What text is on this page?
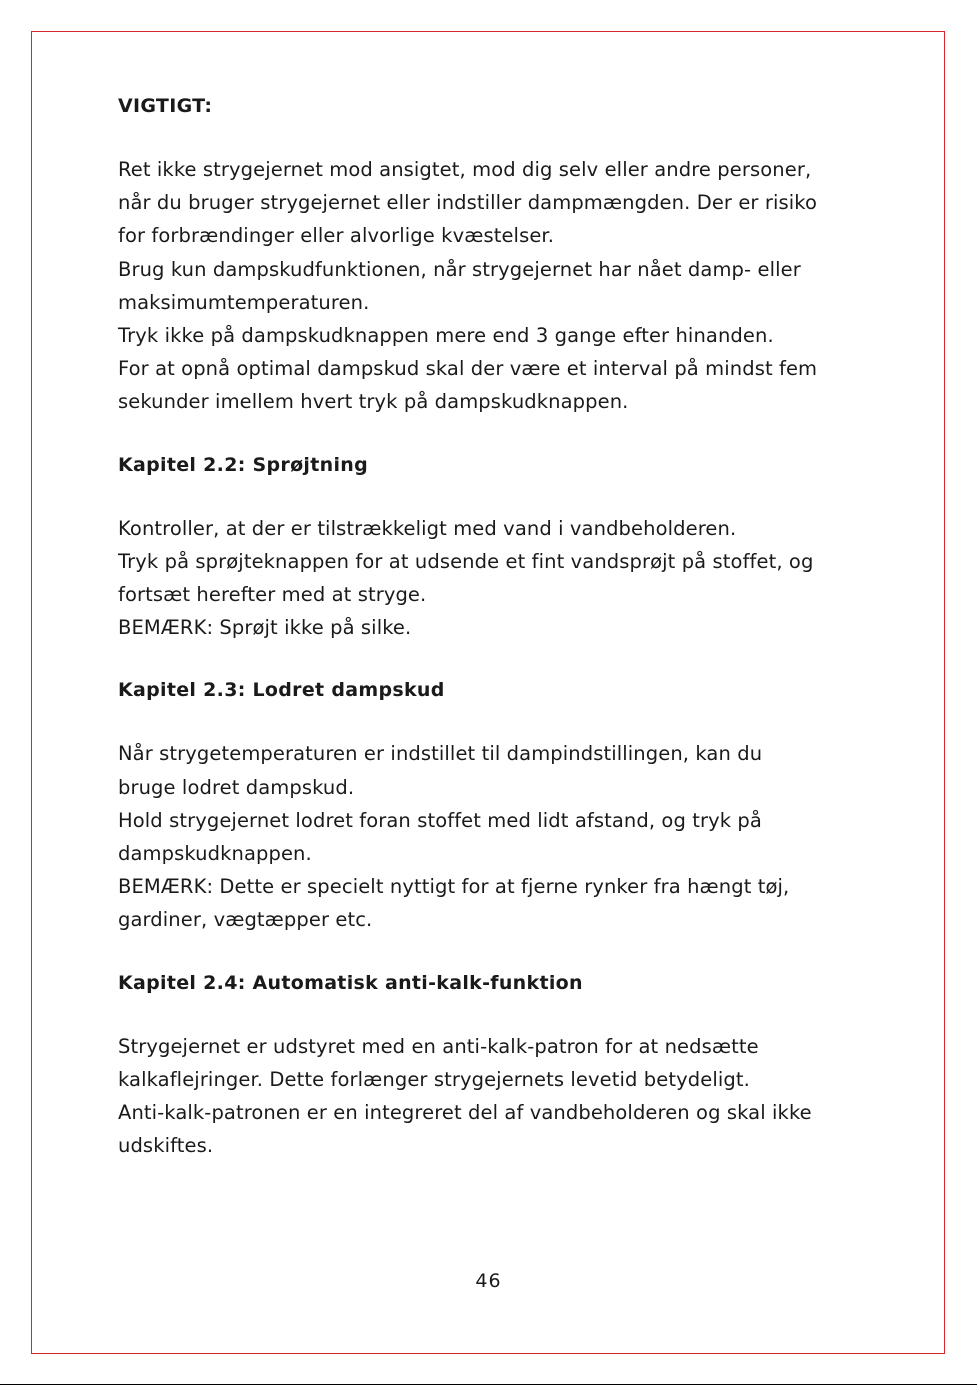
VIGTIGT:

Ret ikke strygejernet mod ansigtet, mod dig selv eller andre personer,

når du bruger strygejernet eller indstiller dampmængden. Der er risiko

for forbrændinger eller alvorlige kvæstelser.

Brug kun dampskudfunktionen, når strygejernet har nået damp- eller

maksimumtemperaturen.

Tryk ikke på dampskudknappen mere end 3 gange efter hinanden.

For at opnå optimal dampskud skal der være et interval på mindst fem

sekunder imellem hvert tryk på dampskudknappen.

Kapitel 2.2: Sprøjtning

Kontroller, at der er tilstrækkeligt med vand i vandbeholderen.

Tryk på sprøjteknappen for at udsende et fint vandsprøjt på stoffet, og

fortsæt herefter med at stryge.

BEMÆRK: Sprøjt ikke på silke.

Kapitel 2.3: Lodret dampskud

Når strygetemperaturen er indstillet til dampindstillingen, kan du

bruge lodret dampskud.

Hold strygejernet lodret foran stoffet med lidt afstand, og tryk på

dampskudknappen.

BEMÆRK: Dette er specielt nyttigt for at fjerne rynker fra hængt tøj,

gardiner, vægtæpper etc.

Kapitel 2.4: Automatisk anti-kalk-funktion

Strygejernet er udstyret med en anti-kalk-patron for at nedsætte

kalkaflejringer. Dette forlænger strygejernets levetid betydeligt.

Anti-kalk-patronen er en integreret del af vandbeholderen og skal ikke

udskiftes.

46
